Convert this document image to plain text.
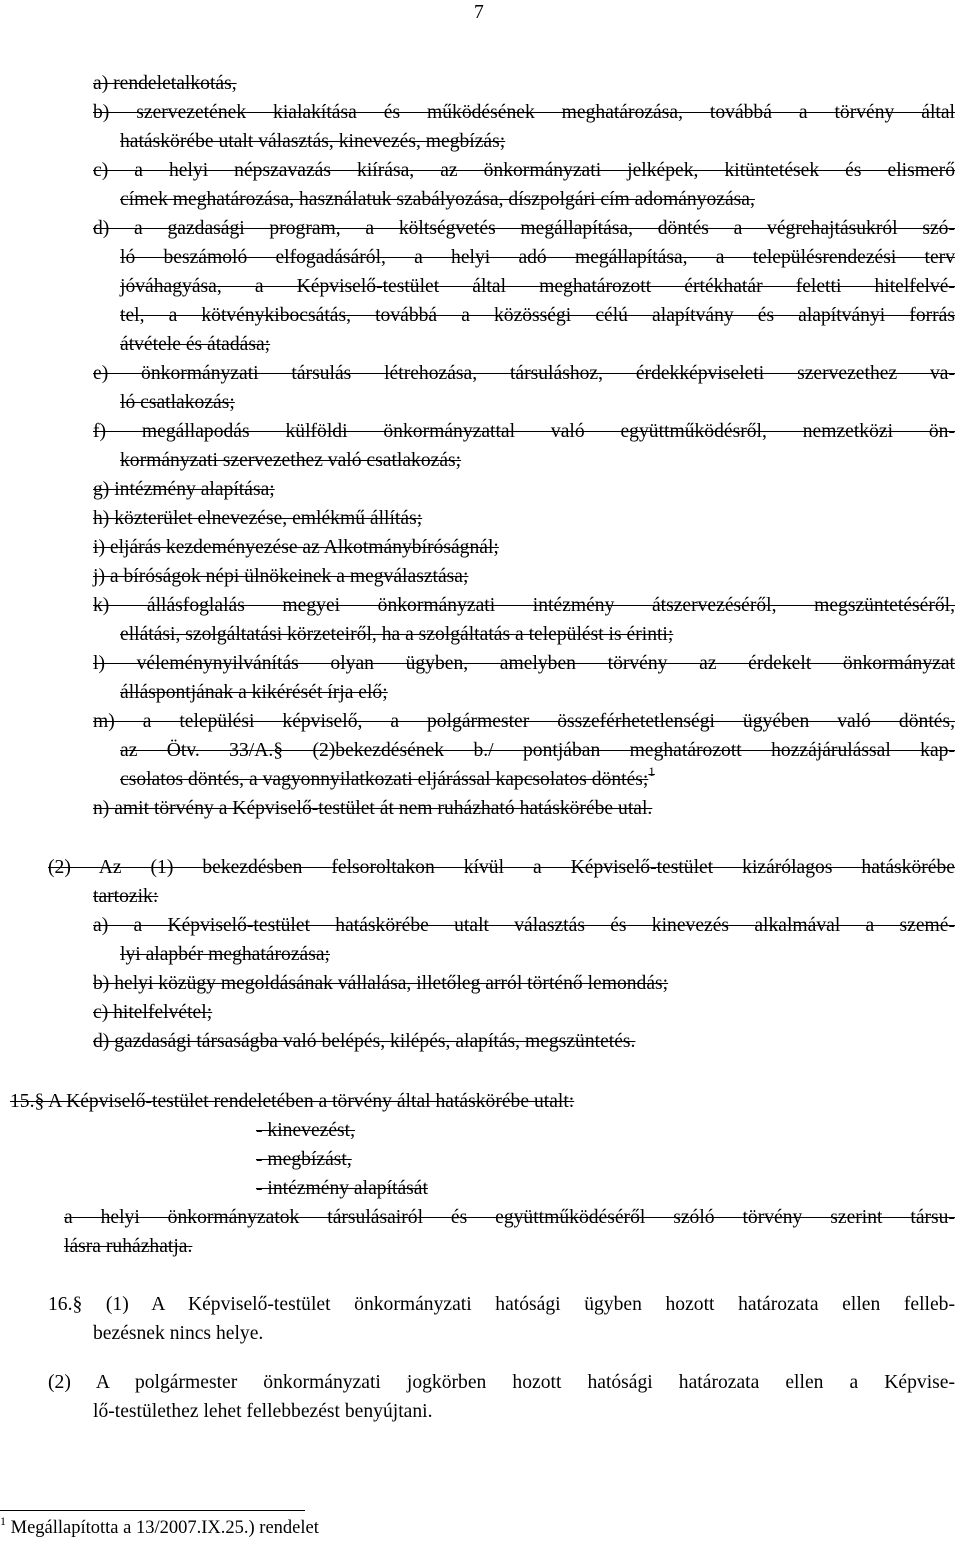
7
a) rendeletalkotás,
b) szervezetének kialakítása és működésének meghatározása, továbbá a törvény által
hatáskörébe utalt választás, kinevezés, megbízás;
c) a helyi népszavazás kiírása, az önkormányzati jelképek, kitüntetések és elismerő
címek meghatározása, használatuk szabályozása, díszpolgári cím adományozása,
d) a gazdasági program, a költségvetés megállapítása, döntés a végrehajtásukról szó-
ló beszámoló elfogadásáról, a helyi adó megállapítása, a településrendezési terv
jóváhagyása, a Képviselő-testület által meghatározott értékhatár feletti hitelfelvé-
tel, a kötvénykibocsátás, továbbá a közösségi célú alapítvány és alapítványi forrás
átvétele és átadása;
e) önkormányzati társulás létrehozása, társuláshoz, érdekképviseleti szervezethez va-
ló csatlakozás;
f) megállapodás külföldi önkormányzattal való együttműködésről, nemzetközi ön-
kormányzati szervezethez való csatlakozás;
g) intézmény alapítása;
h) közterület elnevezése, emlékmű állítás;
i) eljárás kezdeményezése az Alkotmánybíróságnál;
j) a bíróságok népi ülnökeinek a megválasztása;
k) állásfoglalás megyei önkormányzati intézmény átszervezéséről, megszüntetéséről,
ellátási, szolgáltatási körzeteiről, ha a szolgáltatás a települést is érinti;
l) véleménynyilvánítás olyan ügyben, amelyben törvény az érdekelt önkormányzat
álláspontjának a kikérését írja elő;
m) a települési képviselő, a polgármester összeférhetetlenségi ügyében való döntés,
az Ötv. 33/A.§ (2)bekezdésének b./ pontjában meghatározott hozzájárulással kap-
csolatos döntés, a vagyonnyilatkozati eljárással kapcsolatos döntés;$^1$
n) amit törvény a Képviselő-testület át nem ruházható hatáskörébe utal.
(2) Az (1) bekezdésben felsoroltakon kívül a Képviselő-testület kizárólagos hatáskörébe
tartozik:
a) a Képviselő-testület hatáskörébe utalt választás és kinevezés alkalmával a szemé-
lyi alapbér meghatározása;
b) helyi közügy megoldásának vállalása, illetőleg arról történő lemondás;
c) hitelfelvétel;
d) gazdasági társaságba való belépés, kilépés, alapítás, megszüntetés.
15.§ A Képviselő-testület rendeletében a törvény által hatáskörébe utalt:
- kinevezést,
- megbízást,
- intézmény alapítását
a helyi önkormányzatok társulásairól és együttműködéséről szóló törvény szerint társu-
lásra ruházhatja.
16.§ (1) A Képviselő-testület önkormányzati hatósági ügyben hozott határozata ellen felleb-
bezésnek nincs helye.
(2) A polgármester önkormányzati jogkörben hozott hatósági határozata ellen a Képvise-
lő-testülethez lehet fellebbezést benyújtani.
$^1$ Megállapította a 13/2007.IX.25.) rendelet
